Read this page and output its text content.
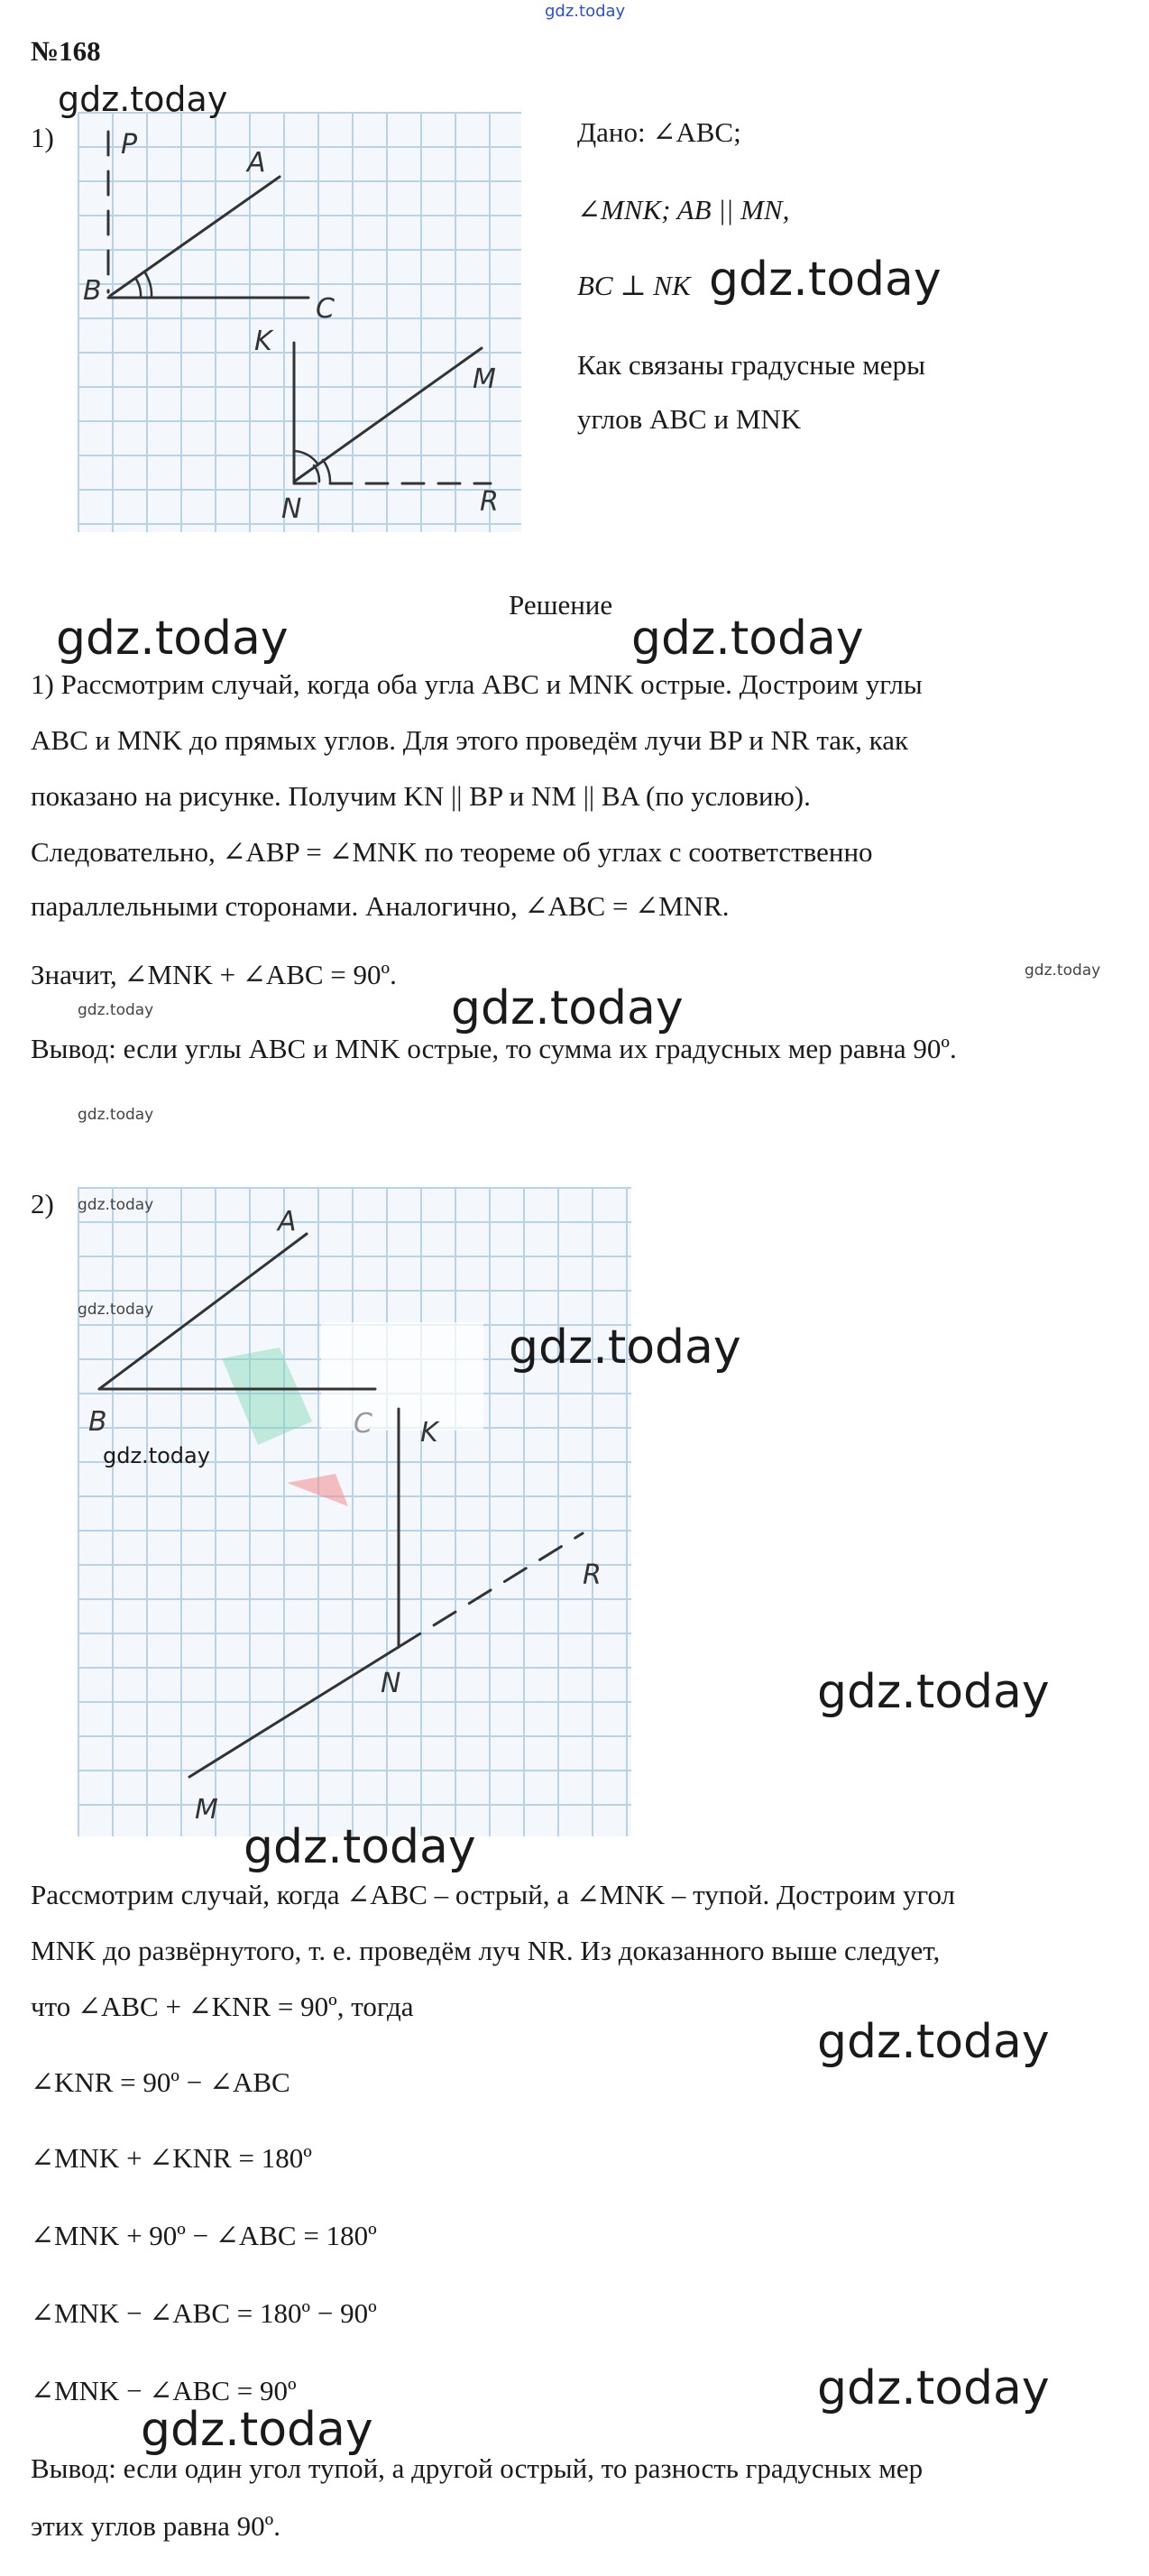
gdz.today
№168
1) P
A
B
C
K
M
N	R
gdz.today
Дано: ∠ABC;
∠MNK; AB || MN,
BC ⊥ NK gdz.today
Как связаны градусные меры
углов ABC и MNK
Решение
gdz.today	gdz.today
1) Рассмотрим случай, когда оба угла ABC и MNK острые. Достроим углы
ABC и MNK до прямых углов. Для этого проведём лучи BP и NR так, как
показано на рисунке. Получим KN || BP и NM || BA (по условию).
Следовательно, ∠ABP = ∠MNK по теореме об углах с соответственно
параллельными сторонами. Аналогично, ∠ABC = ∠MNR.
Значит, ∠MNK + ∠ABC = 90º.	gdz.today
gdz.today	gdz.today
Вывод: если углы ABC и MNK острые, то сумма их градусных мер равна 90º.
gdz.today
2)
A
B	C K
R
N
M
gdz.today
gdz.today
gdz.today
gdz.today
gdz.today
gdz.today
Рассмотрим случай, когда ∠ABC – острый, а ∠MNK – тупой. Достроим угол
MNK до развёрнутого, т. е. проведём луч NR. Из доказанного выше следует,
что ∠ABC + ∠KNR = 90º, тогда
gdz.today
∠KNR = 90º − ∠ABC
∠MNK + ∠KNR = 180º
∠MNK + 90º − ∠ABC = 180º
∠MNK − ∠ABC = 180º − 90º
∠MNK − ∠ABC = 90º	gdz.today
gdz.today
Вывод: если один угол тупой, а другой острый, то разность градусных мер
этих углов равна 90º.
